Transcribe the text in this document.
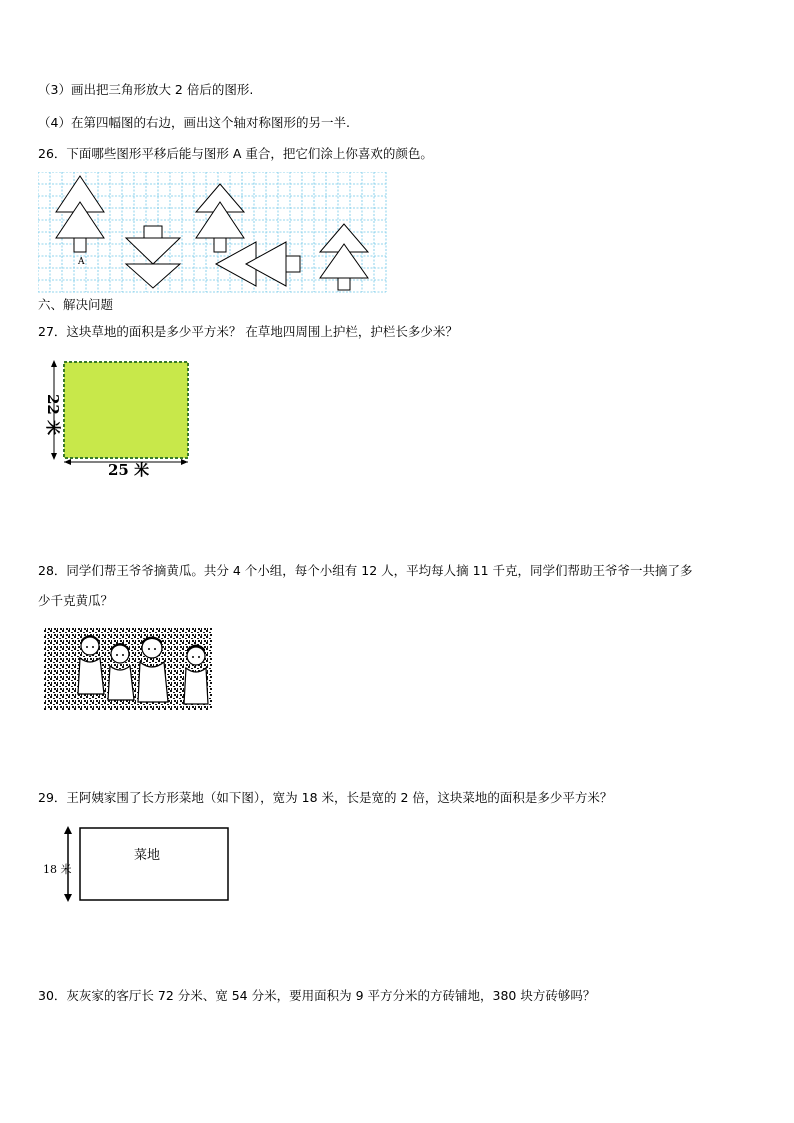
（3）画出把三角形放大 2 倍后的图形.
（4）在第四幅图的右边，画出这个轴对称图形的另一半.
26．下面哪些图形平移后能与图形 A 重合，把它们涂上你喜欢的颜色。
A
六、解决问题
27．这块草地的面积是多少平方米？ 在草地四周围上护栏，护栏长多少米？
22 米
25 米
28．同学们帮王爷爷摘黄瓜。共分 4 个小组，每个小组有 12 人，平均每人摘 11 千克，同学们帮助王爷爷一共摘了多
少千克黄瓜？
29．王阿姨家围了长方形菜地（如下图），宽为 18 米，长是宽的 2 倍，这块菜地的面积是多少平方米？
18 米
菜地
30．灰灰家的客厅长 72 分米、宽 54 分米，要用面积为 9 平方分米的方砖铺地，380 块方砖够吗？
